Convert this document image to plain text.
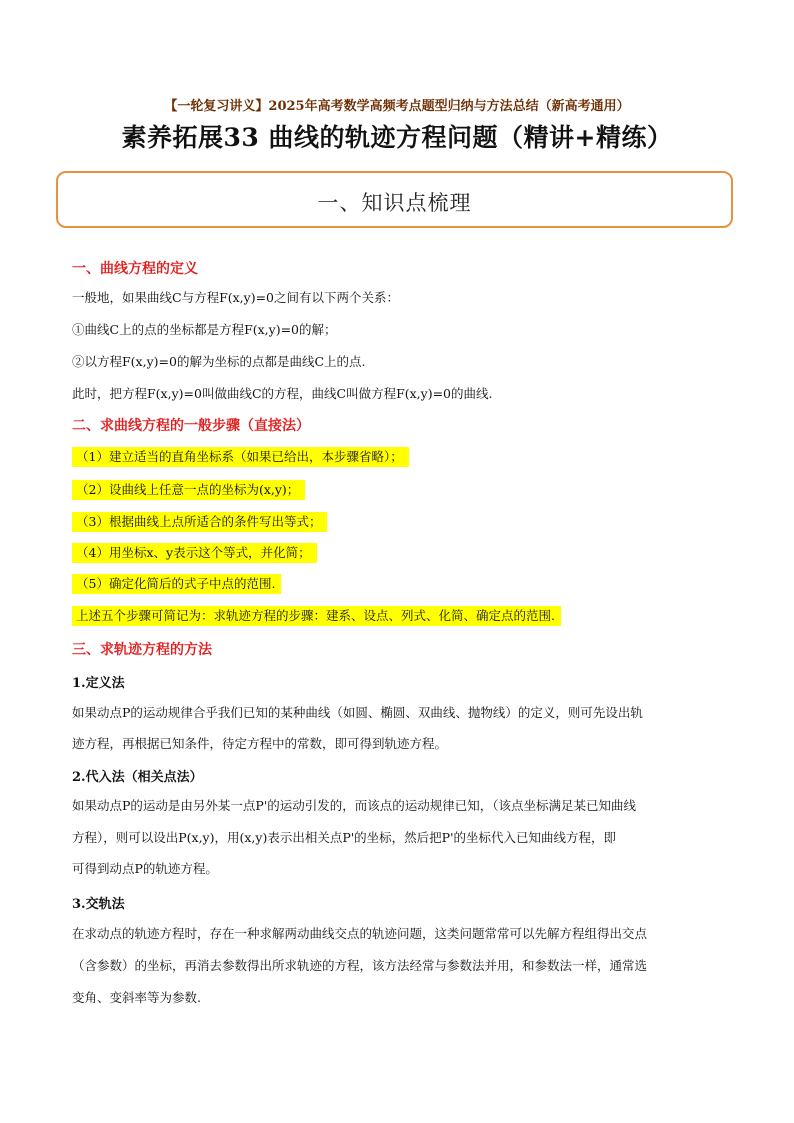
【一轮复习讲义】2025年高考数学高频考点题型归纳与方法总结（新高考通用）
素养拓展33 曲线的轨迹方程问题（精讲+精练）
一、知识点梳理
一、曲线方程的定义
一般地，如果曲线C与方程F(x,y)=0之间有以下两个关系：
①曲线C上的点的坐标都是方程F(x,y)=0的解；
②以方程F(x,y)=0的解为坐标的点都是曲线C上的点.
此时，把方程F(x,y)=0叫做曲线C的方程，曲线C叫做方程F(x,y)=0的曲线.
二、求曲线方程的一般步骤（直接法）
（1）建立适当的直角坐标系（如果已给出，本步骤省略）；
（2）设曲线上任意一点的坐标为(x,y)；
（3）根据曲线上点所适合的条件写出等式；
（4）用坐标x、y表示这个等式，并化简；
（5）确定化简后的式子中点的范围.
上述五个步骤可简记为：求轨迹方程的步骤：建系、设点、列式、化简、确定点的范围.
三、求轨迹方程的方法
1.定义法
如果动点P的运动规律合乎我们已知的某种曲线（如圆、椭圆、双曲线、抛物线）的定义，则可先设出轨
迹方程，再根据已知条件，待定方程中的常数，即可得到轨迹方程。
2.代入法（相关点法）
如果动点P的运动是由另外某一点P'的运动引发的，而该点的运动规律已知，（该点坐标满足某已知曲线
方程），则可以设出P(x,y)，用(x,y)表示出相关点P'的坐标，然后把P'的坐标代入已知曲线方程，即
可得到动点P的轨迹方程。
3.交轨法
在求动点的轨迹方程时，存在一种求解两动曲线交点的轨迹问题，这类问题常常可以先解方程组得出交点
（含参数）的坐标，再消去参数得出所求轨迹的方程，该方法经常与参数法并用，和参数法一样，通常选
变角、变斜率等为参数.
